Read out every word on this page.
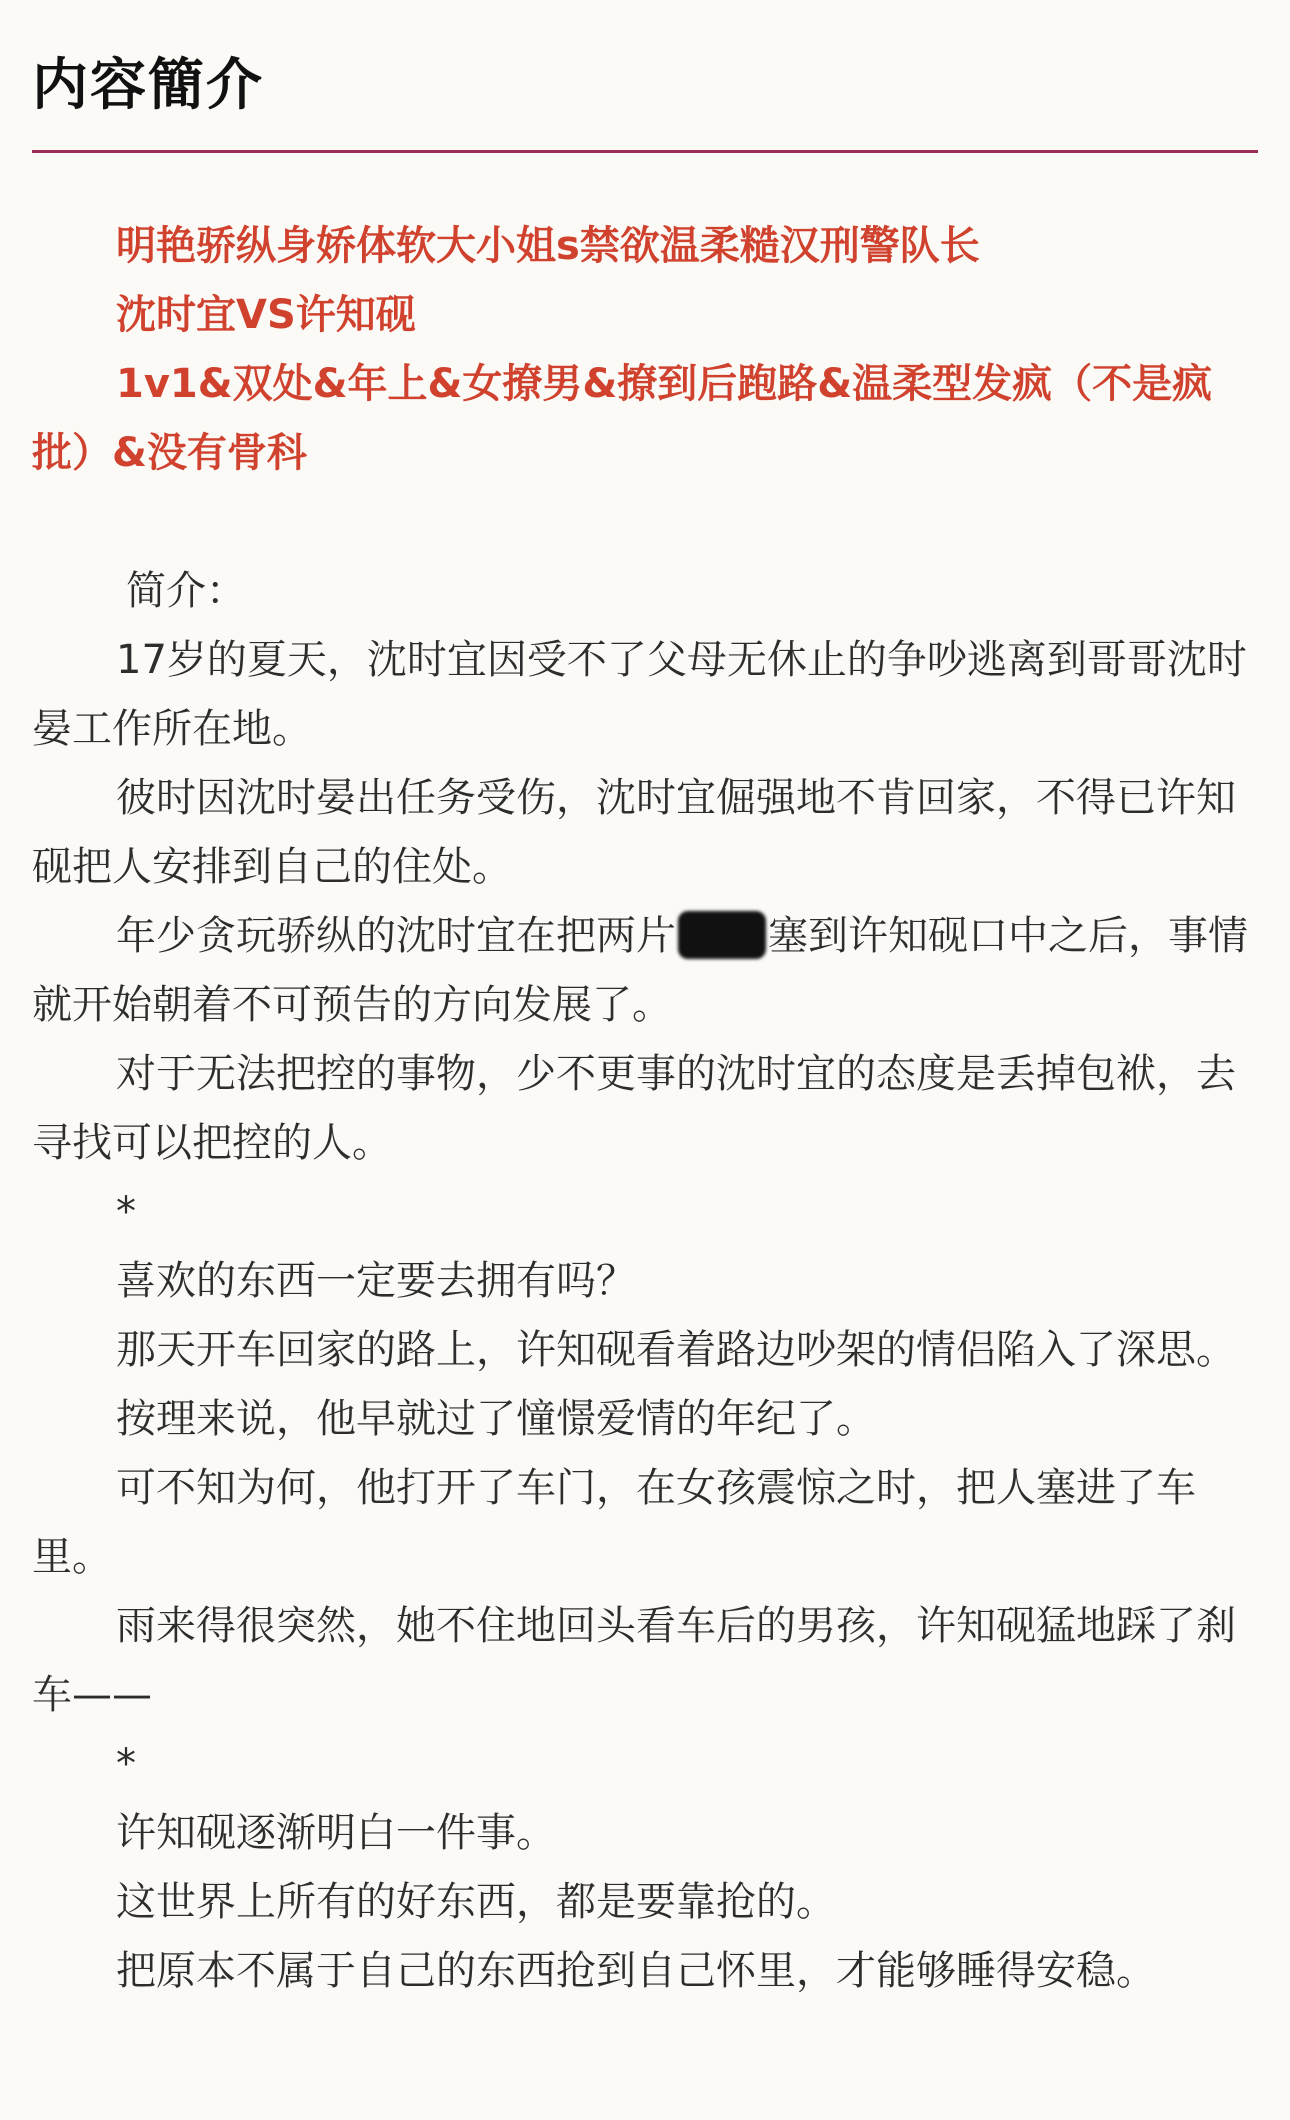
内容簡介

明艳骄纵身娇体软大小姐s禁欲温柔糙汉刑警队长

沈时宜VS许知砚

1v1&双处&年上&女撩男&撩到后跑路&温柔型发疯（不是疯批）&没有骨科

简介：

17岁的夏天，沈时宜因受不了父母无休止的争吵逃离到哥哥沈时晏工作所在地。

彼时因沈时晏出任务受伤，沈时宜倔强地不肯回家，不得已许知砚把人安排到自己的住处。

年少贪玩骄纵的沈时宜在把两片 塞到许知砚口中之后，事情就开始朝着不可预告的方向发展了。

对于无法把控的事物，少不更事的沈时宜的态度是丢掉包袱，去寻找可以把控的人。

*

喜欢的东西一定要去拥有吗？

那天开车回家的路上，许知砚看着路边吵架的情侣陷入了深思。

按理来说，他早就过了憧憬爱情的年纪了。

可不知为何，他打开了车门，在女孩震惊之时，把人塞进了车里。

雨来得很突然，她不住地回头看车后的男孩，许知砚猛地踩了刹车——

*

许知砚逐渐明白一件事。

这世界上所有的好东西，都是要靠抢的。

把原本不属于自己的东西抢到自己怀里，才能够睡得安稳。
